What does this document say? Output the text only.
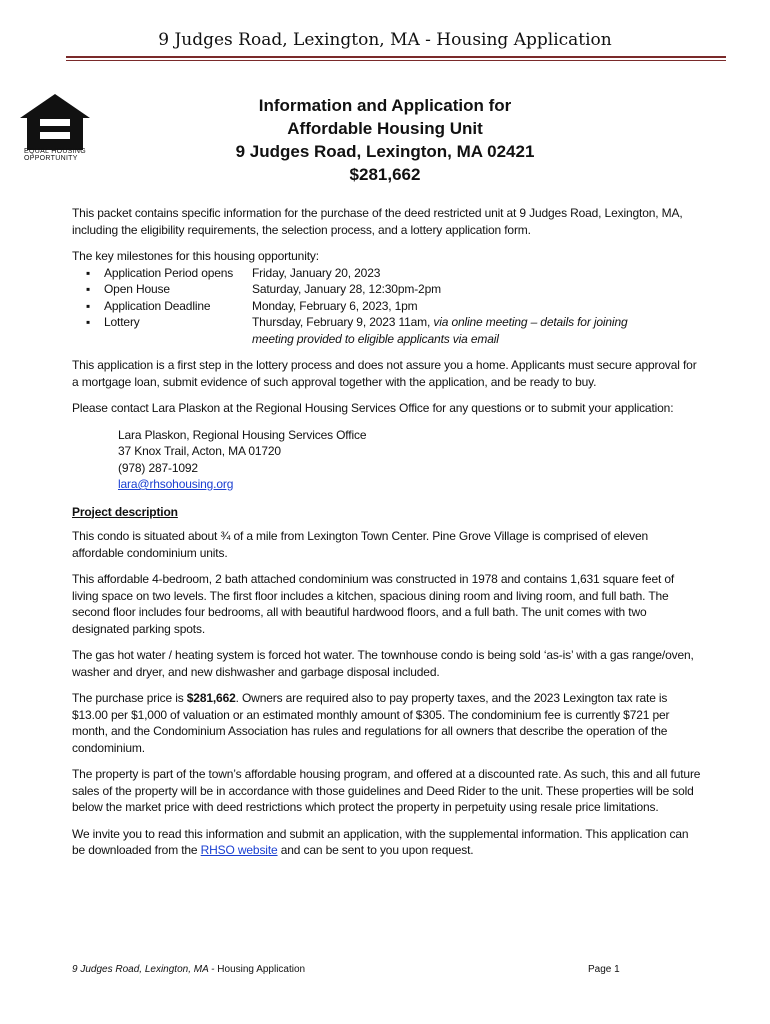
9 Judges Road, Lexington, MA - Housing Application
EQUAL HOUSING
OPPORTUNITY
Information and Application for
Affordable Housing Unit
9 Judges Road, Lexington, MA 02421
$281,662

This packet contains specific information for the purchase of the deed restricted unit at 9 Judges Road, Lexington, MA, including the eligibility requirements, the selection process, and a lottery application form.

The key milestones for this housing opportunity:
▪	Application Period opens	Friday, January 20, 2023
▪	Open House	Saturday, January 28, 12:30pm-2pm
▪	Application Deadline	Monday, February 6, 2023, 1pm
▪	Lottery	Thursday, February 9, 2023 11am, via online meeting – details for joining
meeting provided to eligible applicants via email

This application is a first step in the lottery process and does not assure you a home. Applicants must secure approval for a mortgage loan, submit evidence of such approval together with the application, and be ready to buy.

Please contact Lara Plaskon at the Regional Housing Services Office for any questions or to submit your application:

Lara Plaskon, Regional Housing Services Office
37 Knox Trail, Acton, MA 01720
(978) 287-1092
lara@rhsohousing.org
Project description

This condo is situated about ¾ of a mile from Lexington Town Center. Pine Grove Village is comprised of eleven affordable condominium units.

This affordable 4-bedroom, 2 bath attached condominium was constructed in 1978 and contains 1,631 square feet of living space on two levels. The first floor includes a kitchen, spacious dining room and living room, and full bath. The second floor includes four bedrooms, all with beautiful hardwood floors, and a full bath. The unit comes with two designated parking spots.

The gas hot water / heating system is forced hot water. The townhouse condo is being sold ‘as-is’ with a gas range/oven, washer and dryer, and new dishwasher and garbage disposal included.

The purchase price is $281,662. Owners are required also to pay property taxes, and the 2023 Lexington tax rate is $13.00 per $1,000 of valuation or an estimated monthly amount of $305. The condominium fee is currently $721 per month, and the Condominium Association has rules and regulations for all owners that describe the operation of the condominium.

The property is part of the town’s affordable housing program, and offered at a discounted rate. As such, this and all future sales of the property will be in accordance with those guidelines and Deed Rider to the unit. These properties will be sold below the market price with deed restrictions which protect the property in perpetuity using resale price limitations.

We invite you to read this information and submit an application, with the supplemental information. This application can be downloaded from the RHSO website and can be sent to you upon request.

9 Judges Road, Lexington, MA - Housing Application	Page 1
